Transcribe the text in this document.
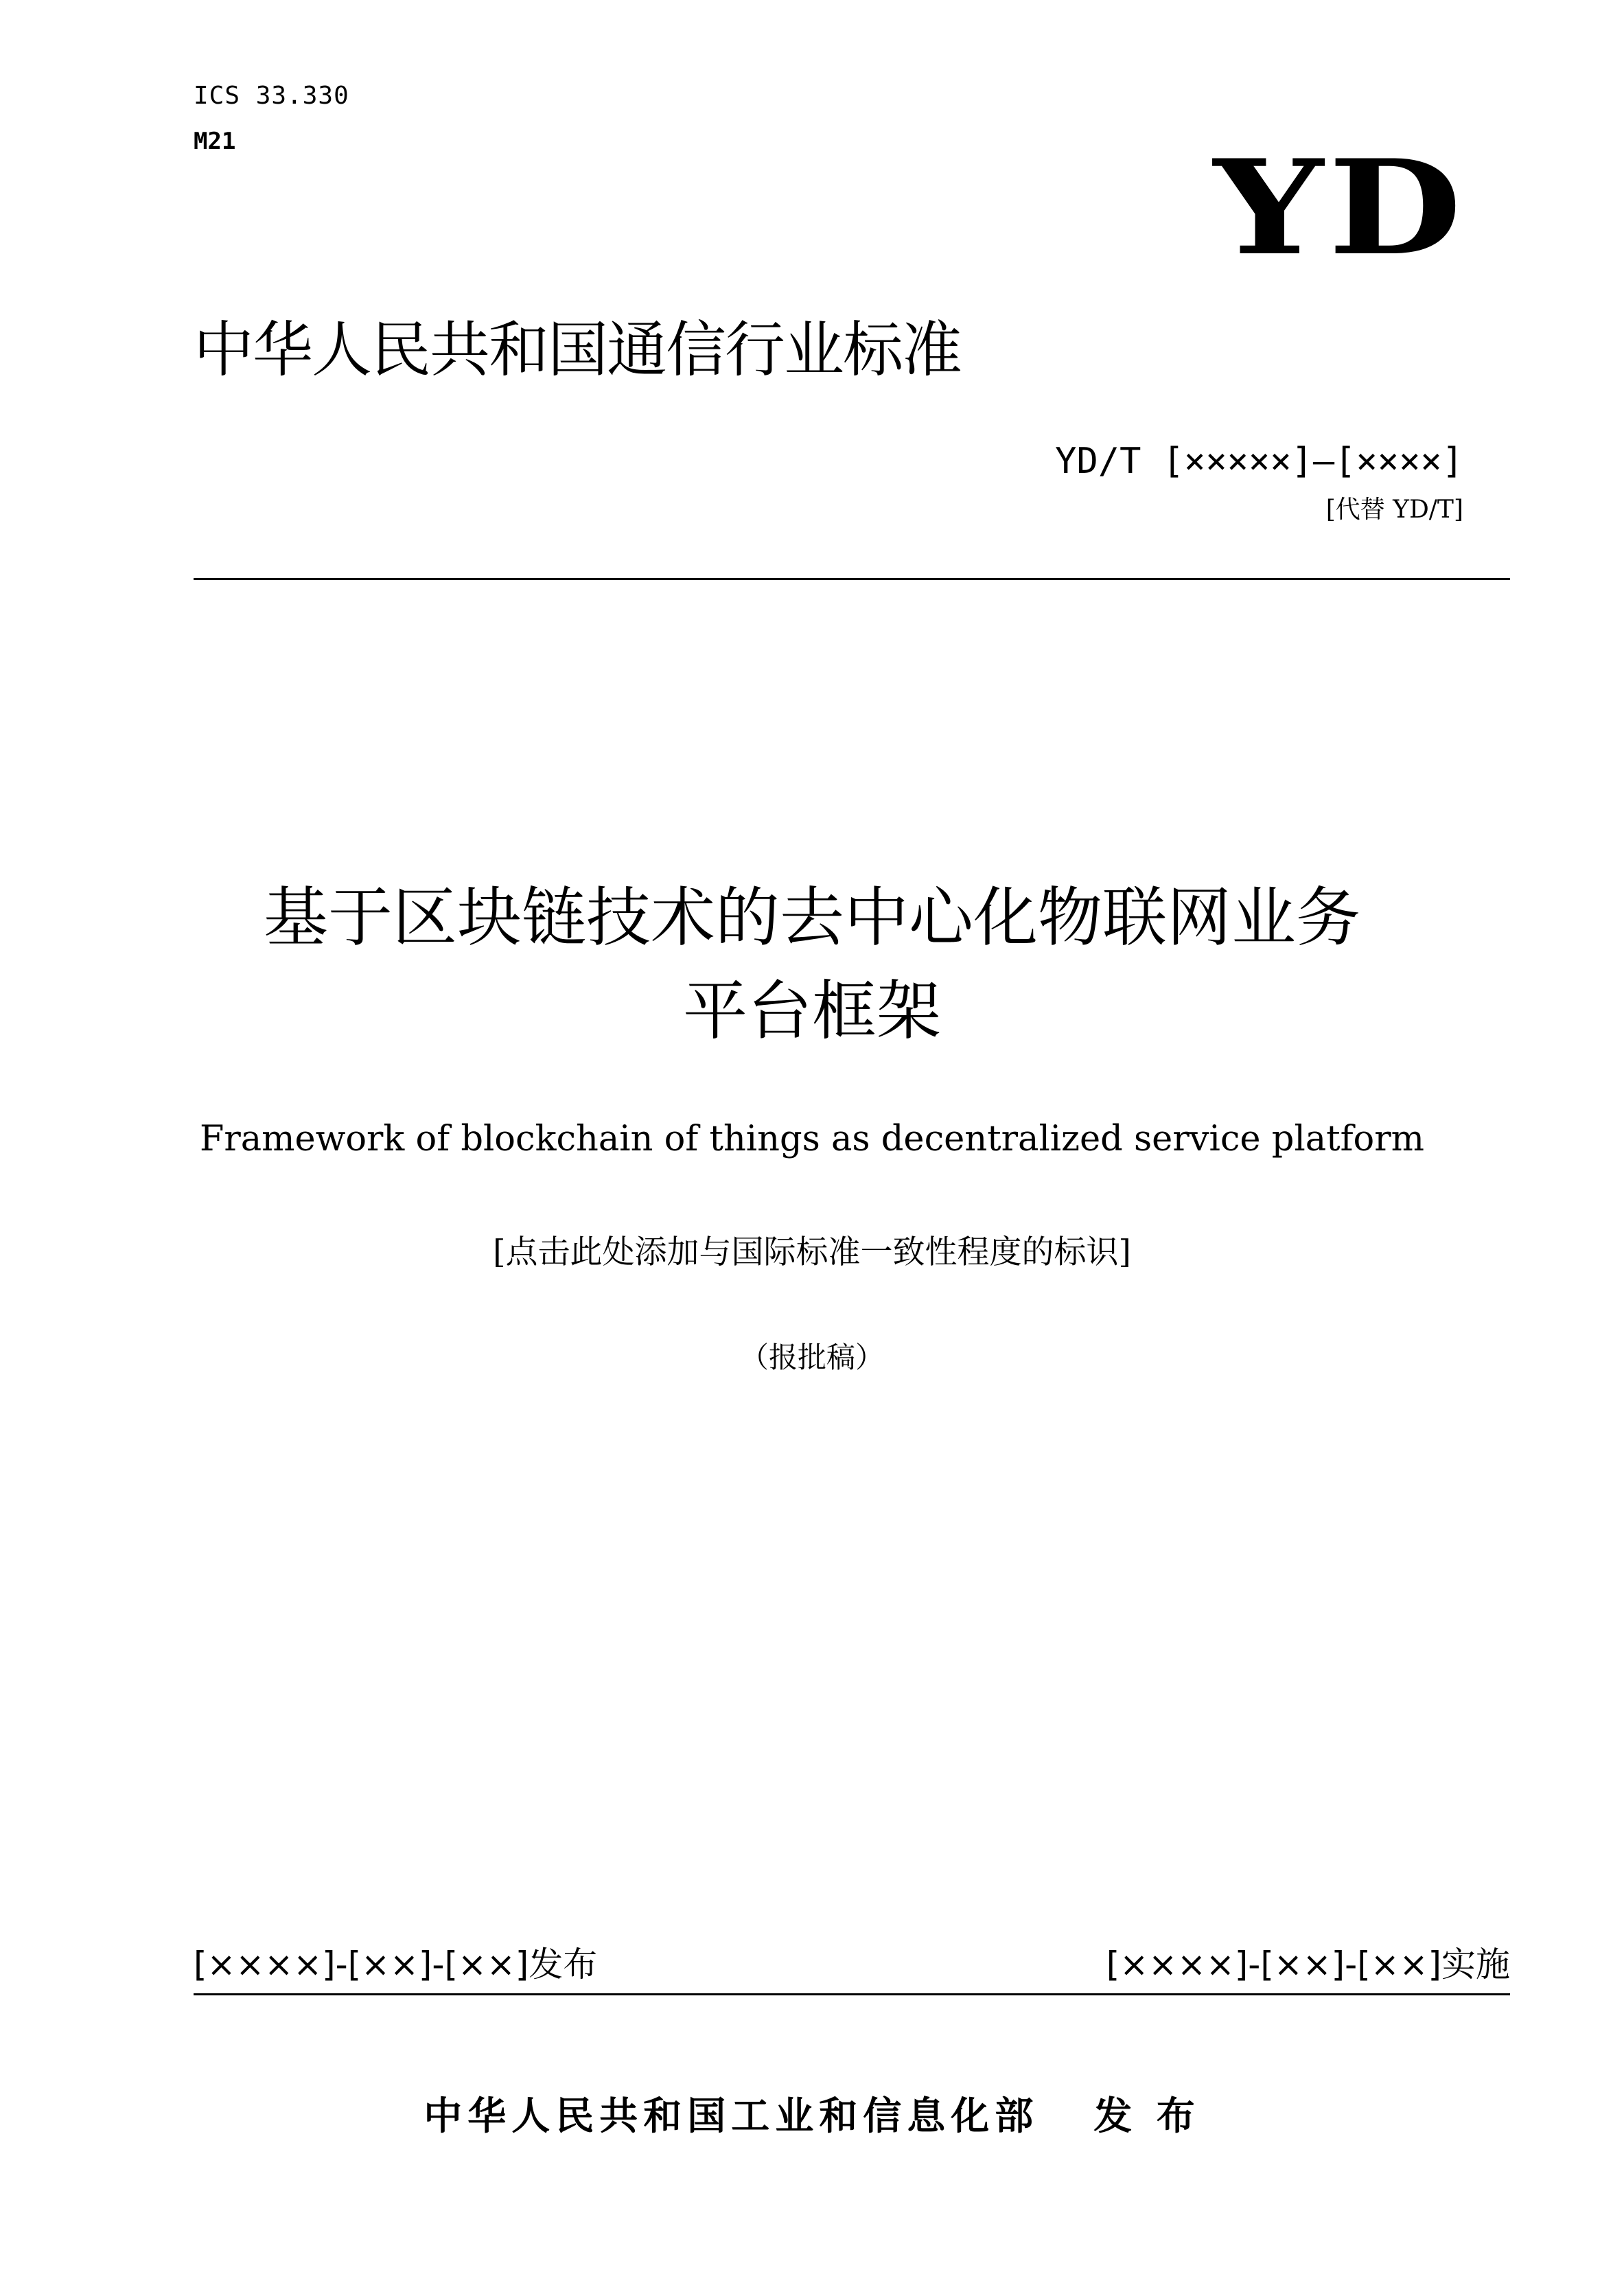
ICS 33.330
M21	YD
中华人民共和国通信行业标准
YD/T [×××××]—[××××]
[代替 YD/T]
基于区块链技术的去中心化物联网业务
平台框架
Framework of blockchain of things as decentralized service platform
[点击此处添加与国际标准一致性程度的标识]
（报批稿）
[××××]-[××]-[××]发布	[××××]-[××]-[××]实施
中华人民共和国工业和信息化部 发 布
